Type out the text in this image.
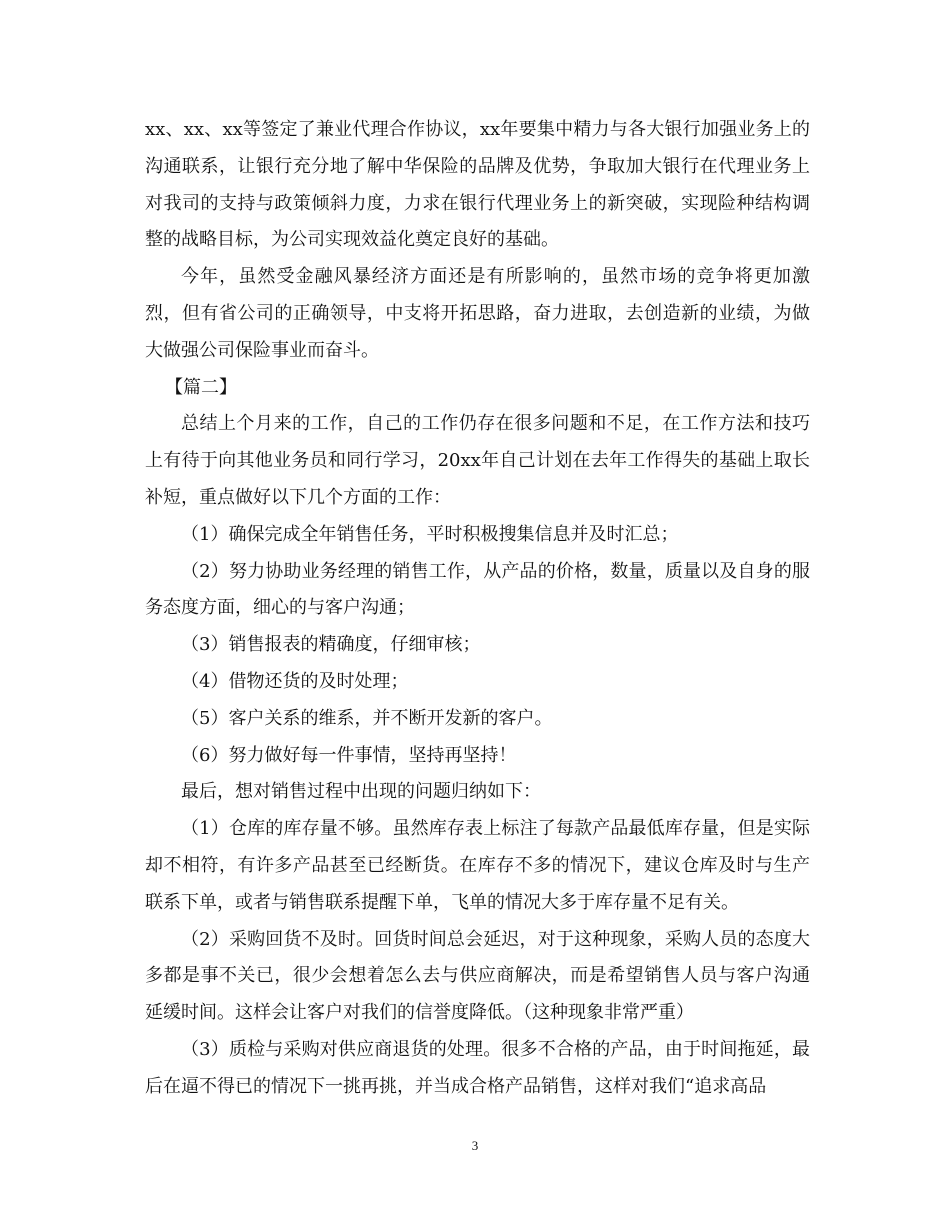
xx、xx、xx等签定了兼业代理合作协议，xx年要集中精力与各大银行加强业务上的沟通联系，让银行充分地了解中华保险的品牌及优势，争取加大银行在代理业务上对我司的支持与政策倾斜力度，力求在银行代理业务上的新突破，实现险种结构调整的战略目标，为公司实现效益化奠定良好的基础。

今年，虽然受金融风暴经济方面还是有所影响的，虽然市场的竞争将更加激烈，但有省公司的正确领导，中支将开拓思路，奋力进取，去创造新的业绩，为做大做强公司保险事业而奋斗。

【篇二】

总结上个月来的工作，自己的工作仍存在很多问题和不足，在工作方法和技巧上有待于向其他业务员和同行学习，20xx年自己计划在去年工作得失的基础上取长补短，重点做好以下几个方面的工作：

（1）确保完成全年销售任务，平时积极搜集信息并及时汇总；

（2）努力协助业务经理的销售工作，从产品的价格，数量，质量以及自身的服务态度方面，细心的与客户沟通；

（3）销售报表的精确度，仔细审核；

（4）借物还货的及时处理；

（5）客户关系的维系，并不断开发新的客户。

（6）努力做好每一件事情，坚持再坚持！

最后，想对销售过程中出现的问题归纳如下：

（1）仓库的库存量不够。虽然库存表上标注了每款产品最低库存量，但是实际却不相符，有许多产品甚至已经断货。在库存不多的情况下，建议仓库及时与生产联系下单，或者与销售联系提醒下单，飞单的情况大多于库存量不足有关。

（2）采购回货不及时。回货时间总会延迟，对于这种现象，采购人员的态度大多都是事不关已，很少会想着怎么去与供应商解决，而是希望销售人员与客户沟通延缓时间。这样会让客户对我们的信誉度降低。（这种现象非常严重）

（3）质检与采购对供应商退货的处理。很多不合格的产品，由于时间拖延，最后在逼不得已的情况下一挑再挑，并当成合格产品销售，这样对我们“追求高品

3
